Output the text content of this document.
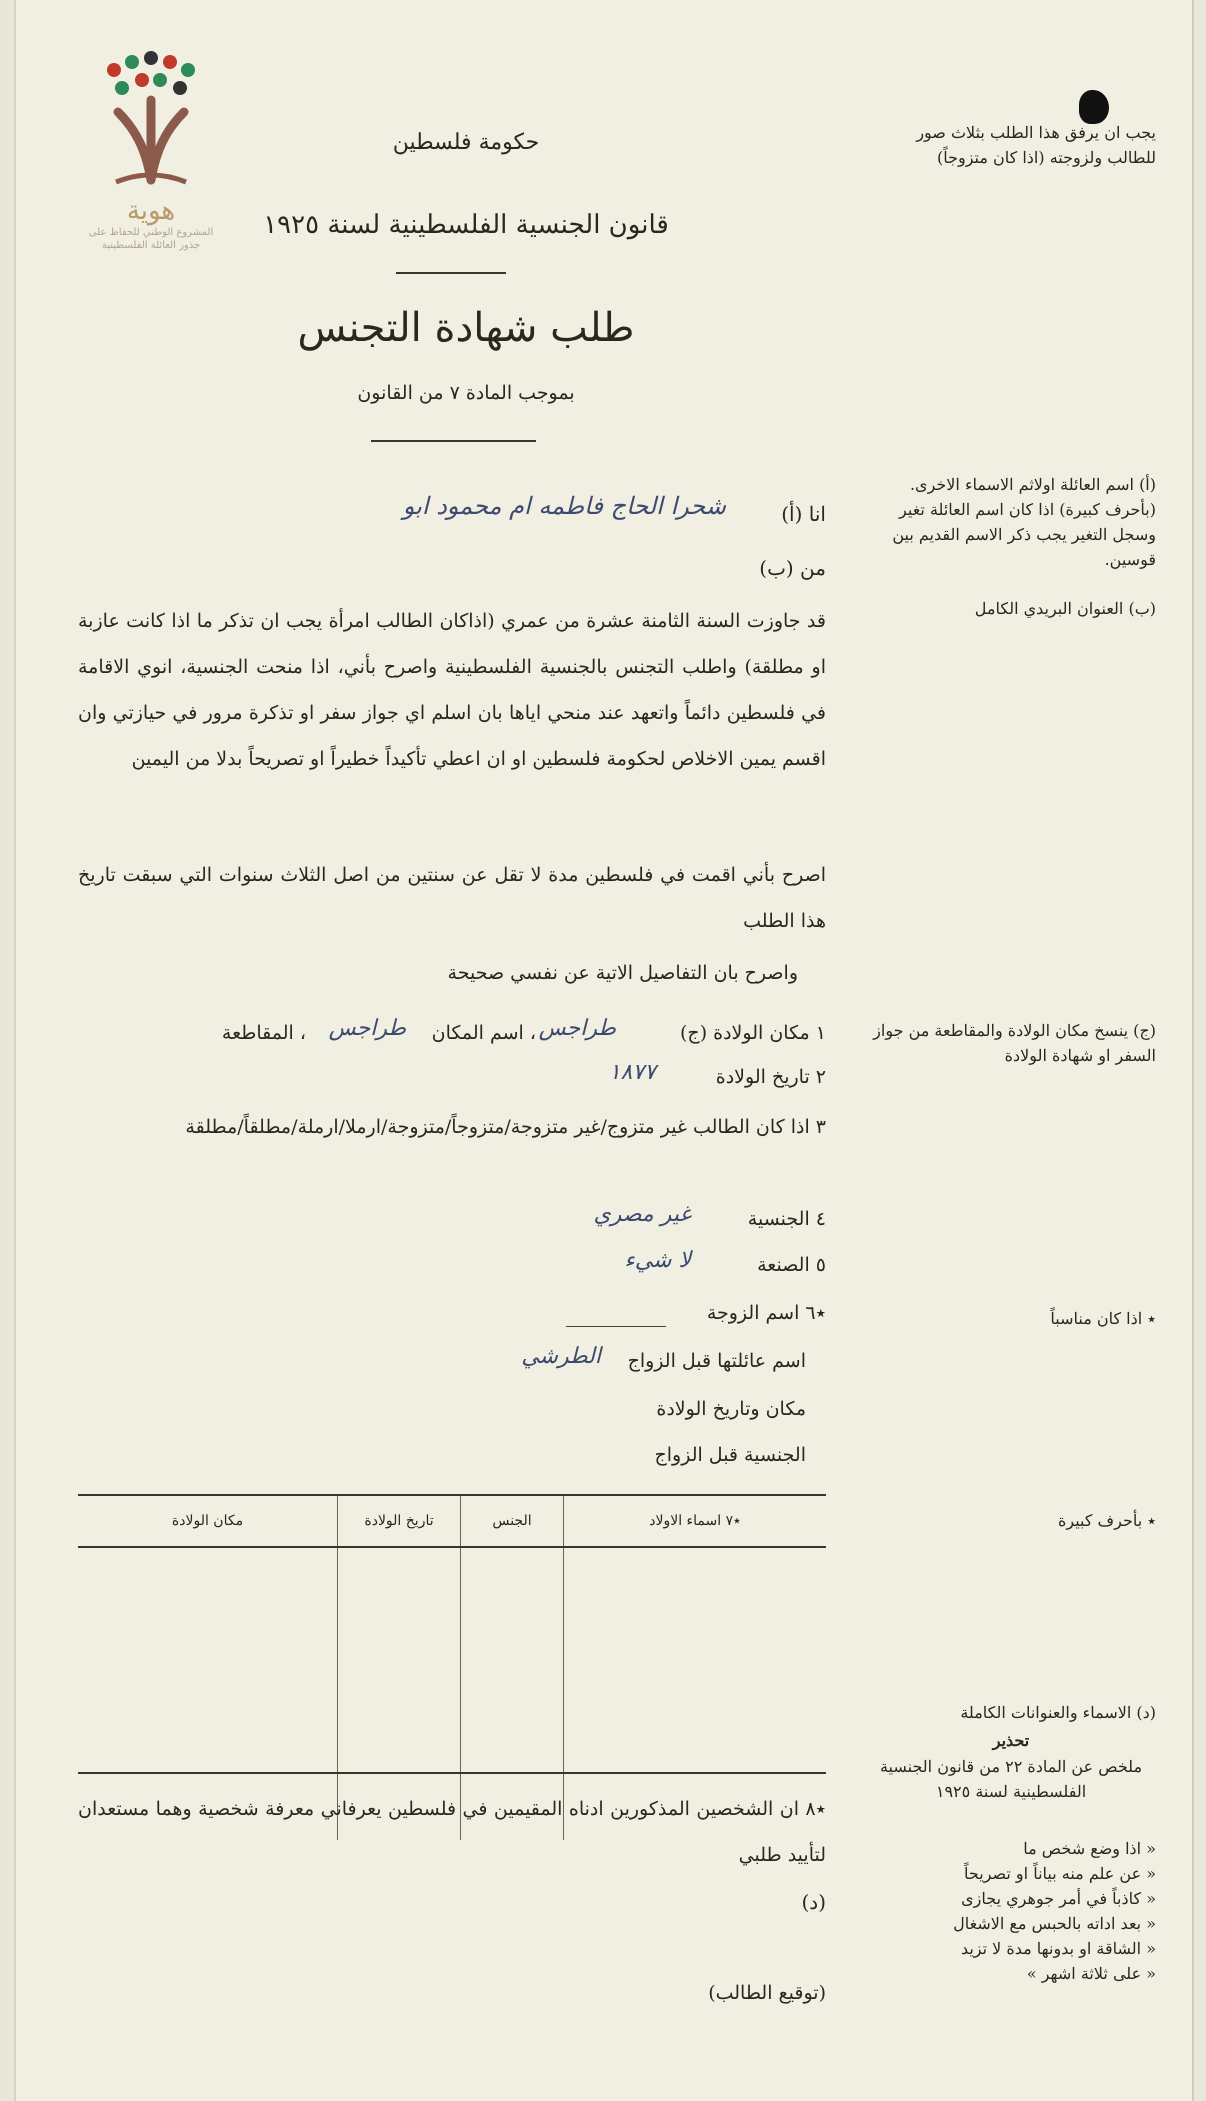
هوية
المشروع الوطني للحفاظ على
جذور العائلة الفلسطينية
حكومة فلسطين
قانون الجنسية الفلسطينية لسنة ١٩٢٥
طلب شهادة التجنس
بموجب المادة ٧ من القانون
يجب ان يرفق هذا الطلب بثلاث صور للطالب ولزوجته (اذا كان متزوجاً)
(أ) اسم العائلة اولاثم الاسماء الاخرى. (بأحرف كبيرة) اذا كان اسم العائلة تغير وسجل التغير يجب ذكر الاسم القديم بين قوسين.
(ب) العنوان البريدي الكامل
(ج) ينسخ مكان الولادة والمقاطعة من جواز السفر او شهادة الولادة
٭ اذا كان مناسباً
٭ بأحرف كبيرة
(د) الاسماء والعنوانات الكاملة
تحذير
ملخص عن المادة ٢٢ من قانون الجنسية الفلسطينية لسنة ١٩٢٥
« اذا وضع شخص ما
« عن علم منه بياناً او تصريحاً
« كاذباً في أمر جوهري يجازى
« بعد اداته بالحبس مع الاشغال
« الشاقة او بدونها مدة لا تزيد
« على ثلاثة اشهر »
انا (أ)
شحرا الحاج فاطمه ام محمود ابو
من (ب)
قد جاوزت السنة الثامنة عشرة من عمري (اذاكان الطالب امرأة يجب ان تذكر ما اذا كانت عازبة او مطلقة) واطلب التجنس بالجنسية الفلسطينية واصرح بأني، اذا منحت الجنسية، انوي الاقامة في فلسطين دائماً واتعهد عند منحي اياها بان اسلم اي جواز سفر او تذكرة مرور في حيازتي وان اقسم يمين الاخلاص لحكومة فلسطين او ان اعطي تأكيداً خطيراً او تصريحاً بدلا من اليمين
اصرح بأني اقمت في فلسطين مدة لا تقل عن سنتين من اصل الثلاث سنوات التي سبقت تاريخ هذا الطلب
واصرح بان التفاصيل الاتية عن نفسي صحيحة
١ مكان الولادة (ج)
طراجس
، اسم المكان
طراجس
، المقاطعة
٢ تاريخ الولادة
١٨٧٧
٣ اذا كان الطالب غير متزوج/غير متزوجة/متزوجاً/متزوجة/ارملا/ارملة/مطلقاً/مطلقة
٤ الجنسية
غير مصري
٥ الصنعة
لا شيء
٭٦ اسم الزوجة
اسم عائلتها قبل الزواج
الطرشي
مكان وتاريخ الولادة
الجنسية قبل الزواج
٭٧ اسماء الاولاد	الجنس	تاريخ الولادة	مكان الولادة

٭٨ ان الشخصين المذكورين ادناه المقيمين في فلسطين يعرفاني معرفة شخصية وهما مستعدان لتأييد طلبي
(د)
(توقيع الطالب)
